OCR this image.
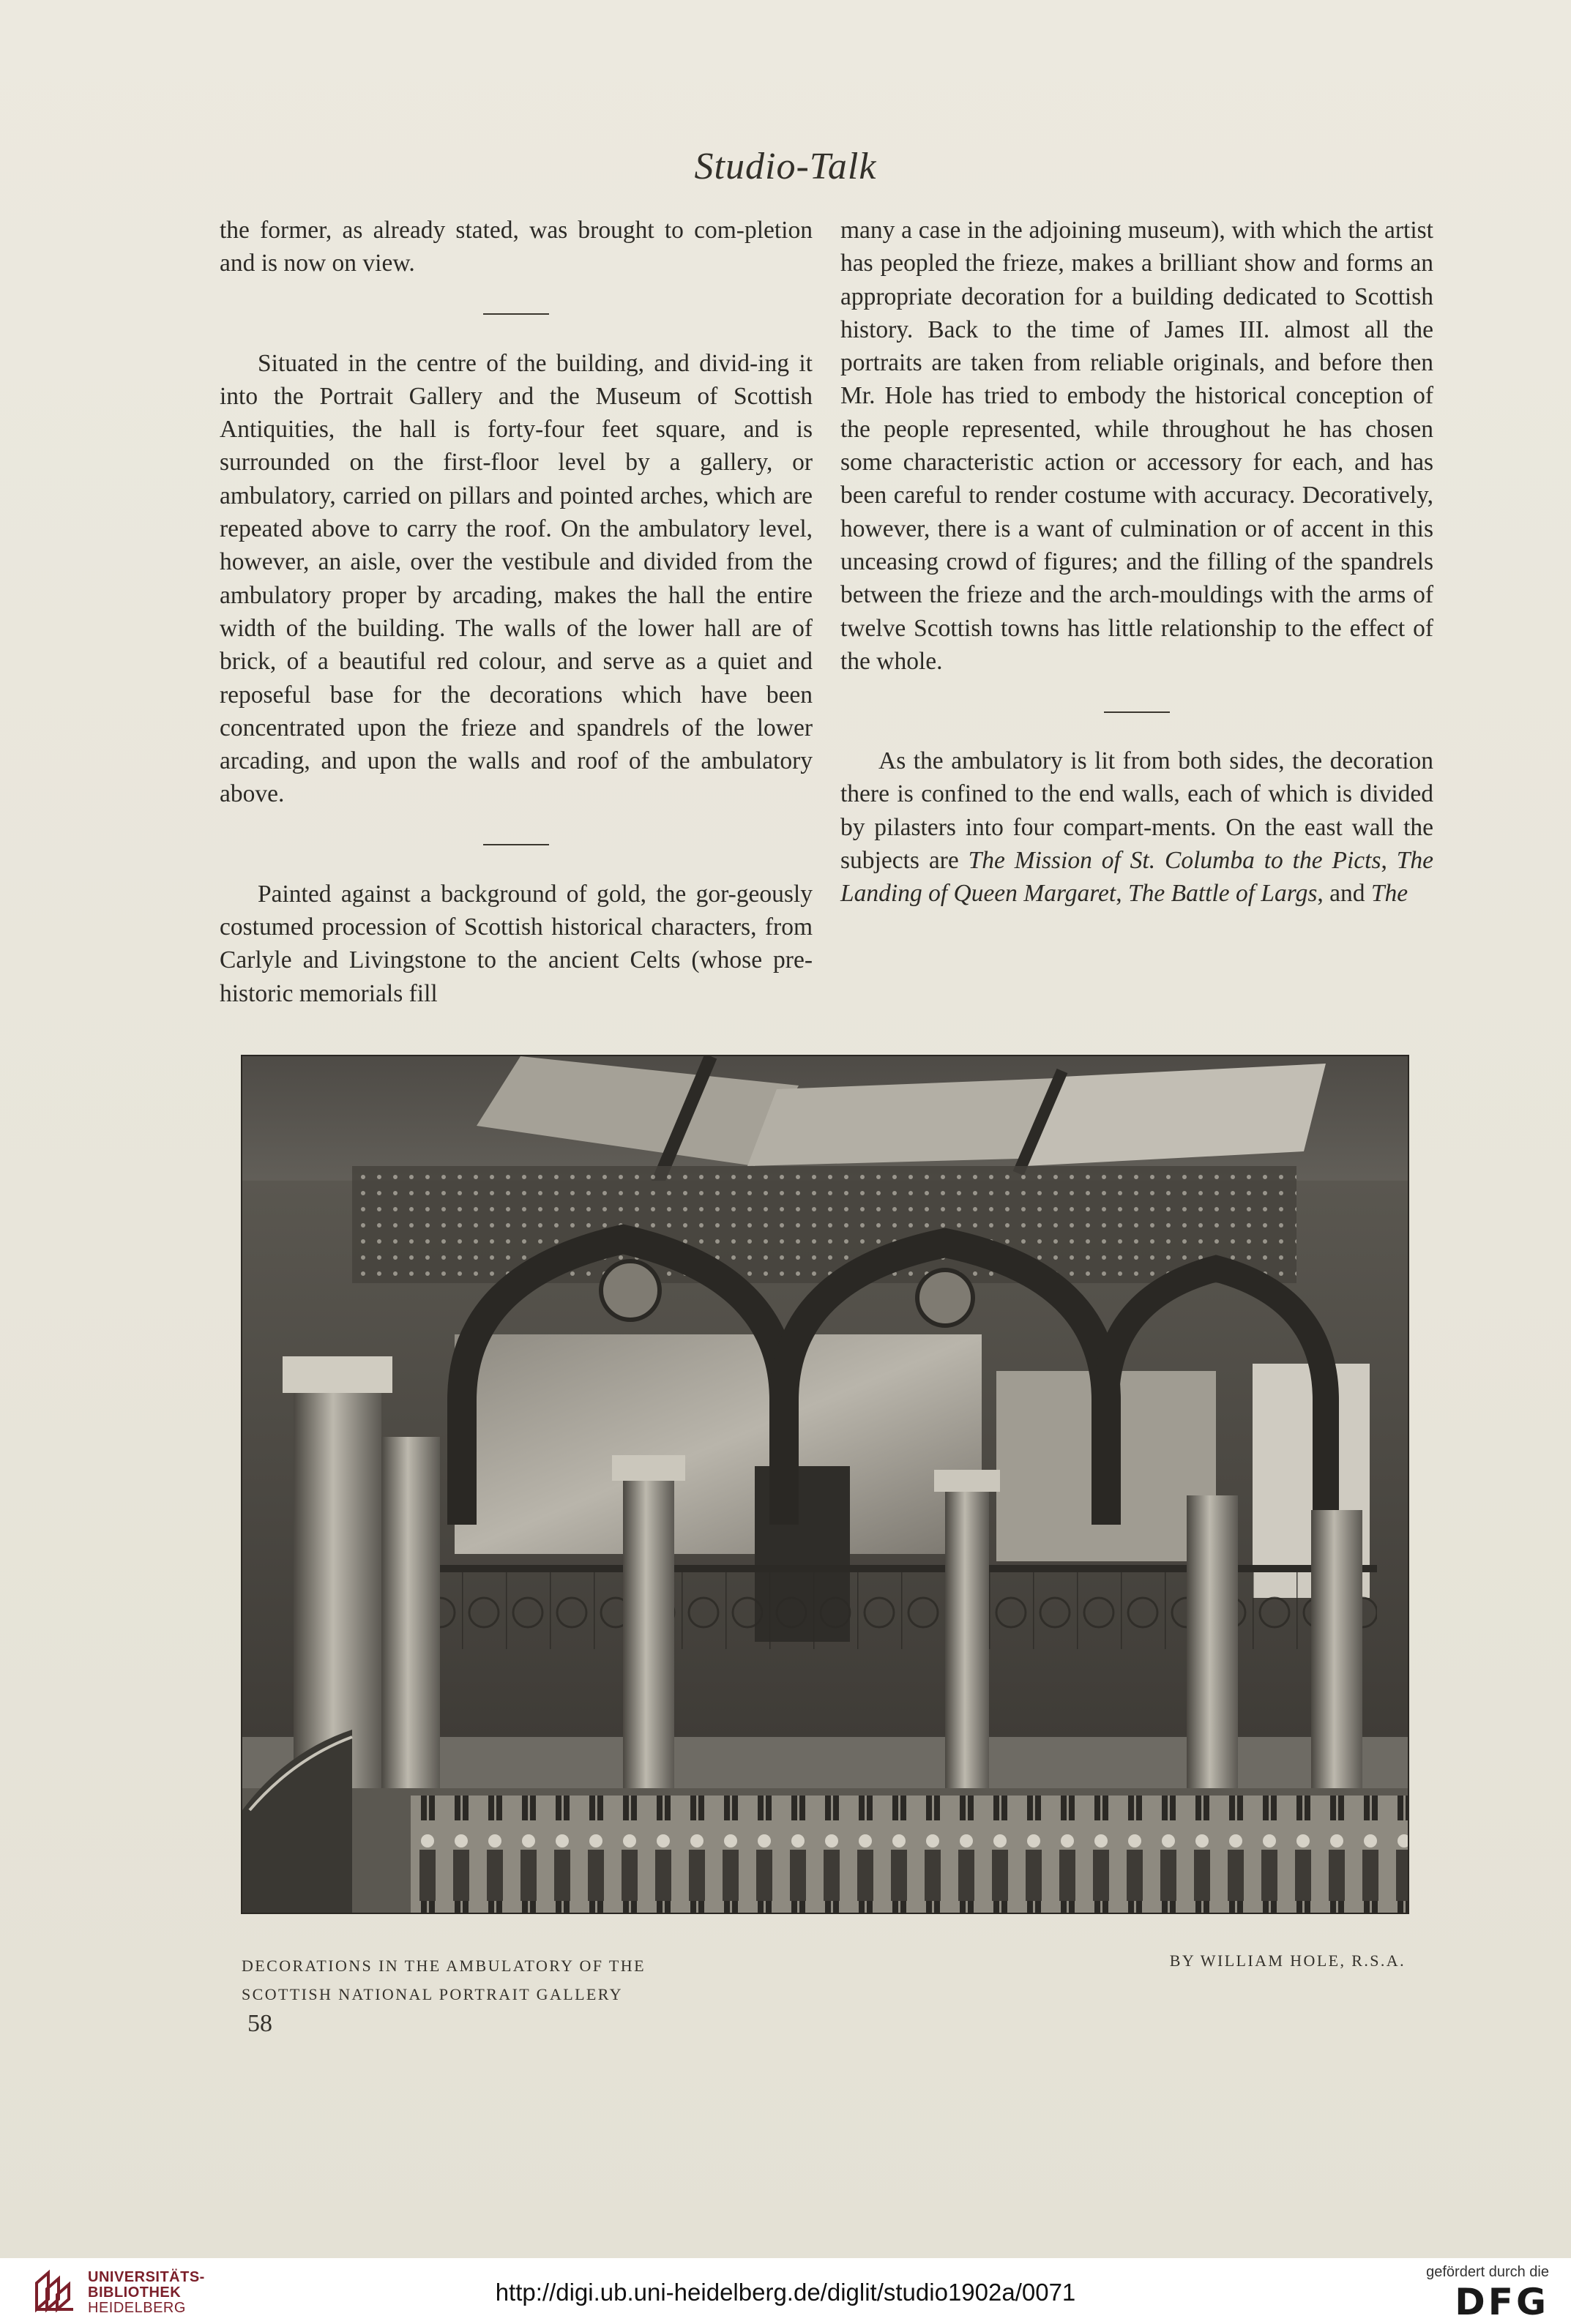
Studio-Talk

the former, as already stated, was brought to com-pletion and is now on view.

Situated in the centre of the building, and divid-ing it into the Portrait Gallery and the Museum of Scottish Antiquities, the hall is forty-four feet square, and is surrounded on the first-floor level by a gallery, or ambulatory, carried on pillars and pointed arches, which are repeated above to carry the roof. On the ambulatory level, however, an aisle, over the vestibule and divided from the ambulatory proper by arcading, makes the hall the entire width of the building. The walls of the lower hall are of brick, of a beautiful red colour, and serve as a quiet and reposeful base for the decorations which have been concentrated upon the frieze and spandrels of the lower arcading, and upon the walls and roof of the ambulatory above.

Painted against a background of gold, the gor-geously costumed procession of Scottish historical characters, from Carlyle and Livingstone to the ancient Celts (whose pre-historic memorials fill

many a case in the adjoining museum), with which the artist has peopled the frieze, makes a brilliant show and forms an appropriate decoration for a building dedicated to Scottish history. Back to the time of James III. almost all the portraits are taken from reliable originals, and before then Mr. Hole has tried to embody the historical conception of the people represented, while throughout he has chosen some characteristic action or accessory for each, and has been careful to render costume with accuracy. Decoratively, however, there is a want of culmination or of accent in this unceasing crowd of figures; and the filling of the spandrels between the frieze and the arch-mouldings with the arms of twelve Scottish towns has little relationship to the effect of the whole.

As the ambulatory is lit from both sides, the decoration there is confined to the end walls, each of which is divided by pilasters into four compart-ments. On the east wall the subjects are The Mission of St. Columba to the Picts, The Landing of Queen Margaret, The Battle of Largs, and The

DECORATIONS IN THE AMBULATORY OF THE
SCOTTISH NATIONAL PORTRAIT GALLERY
BY WILLIAM HOLE, R.S.A.
58
UNIVERSITÄTS-
BIBLIOTHEK
HEIDELBERG
http://digi.ub.uni-heidelberg.de/diglit/studio1902a/0071
gefördert durch die
DFG
